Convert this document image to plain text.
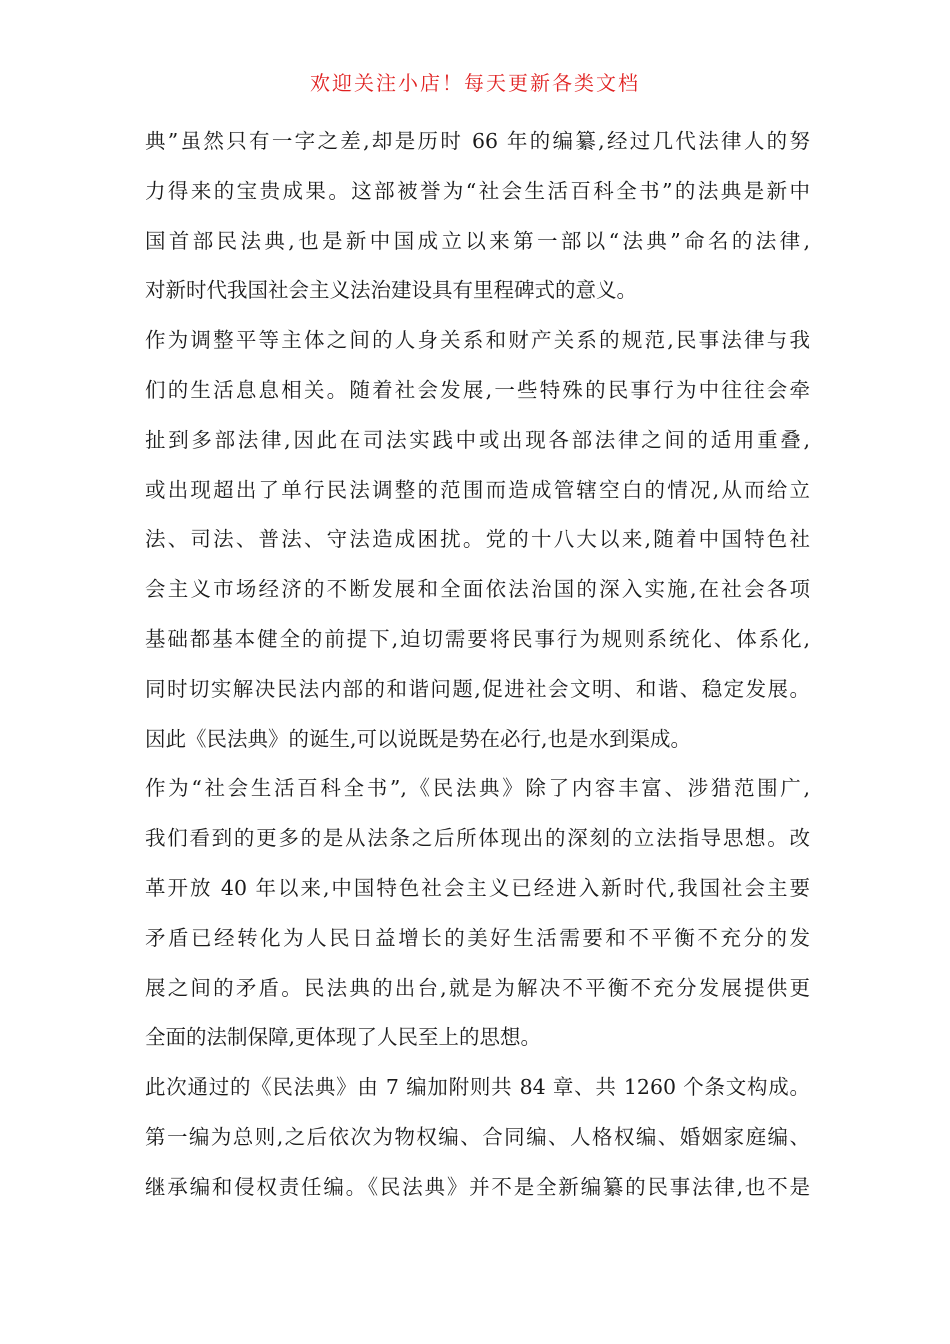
欢迎关注小店！每天更新各类文档
典”虽然只有一字之差,却是历时 66 年的编纂,经过几代法律人的努
力得来的宝贵成果。这部被誉为“社会生活百科全书”的法典是新中
国首部民法典,也是新中国成立以来第一部以“法典”命名的法律,
对新时代我国社会主义法治建设具有里程碑式的意义。
作为调整平等主体之间的人身关系和财产关系的规范,民事法律与我
们的生活息息相关。随着社会发展,一些特殊的民事行为中往往会牵
扯到多部法律,因此在司法实践中或出现各部法律之间的适用重叠,
或出现超出了单行民法调整的范围而造成管辖空白的情况,从而给立
法、司法、普法、守法造成困扰。党的十八大以来,随着中国特色社
会主义市场经济的不断发展和全面依法治国的深入实施,在社会各项
基础都基本健全的前提下,迫切需要将民事行为规则系统化、体系化,
同时切实解决民法内部的和谐问题,促进社会文明、和谐、稳定发展。
因此《民法典》的诞生,可以说既是势在必行,也是水到渠成。
作为“社会生活百科全书”,《民法典》除了内容丰富、涉猎范围广,
我们看到的更多的是从法条之后所体现出的深刻的立法指导思想。改
革开放 40 年以来,中国特色社会主义已经进入新时代,我国社会主要
矛盾已经转化为人民日益增长的美好生活需要和不平衡不充分的发
展之间的矛盾。民法典的出台,就是为解决不平衡不充分发展提供更
全面的法制保障,更体现了人民至上的思想。
此次通过的《民法典》由 7 编加附则共 84 章、共 1260 个条文构成。
第一编为总则,之后依次为物权编、合同编、人格权编、婚姻家庭编、
继承编和侵权责任编。《民法典》并不是全新编纂的民事法律,也不是
